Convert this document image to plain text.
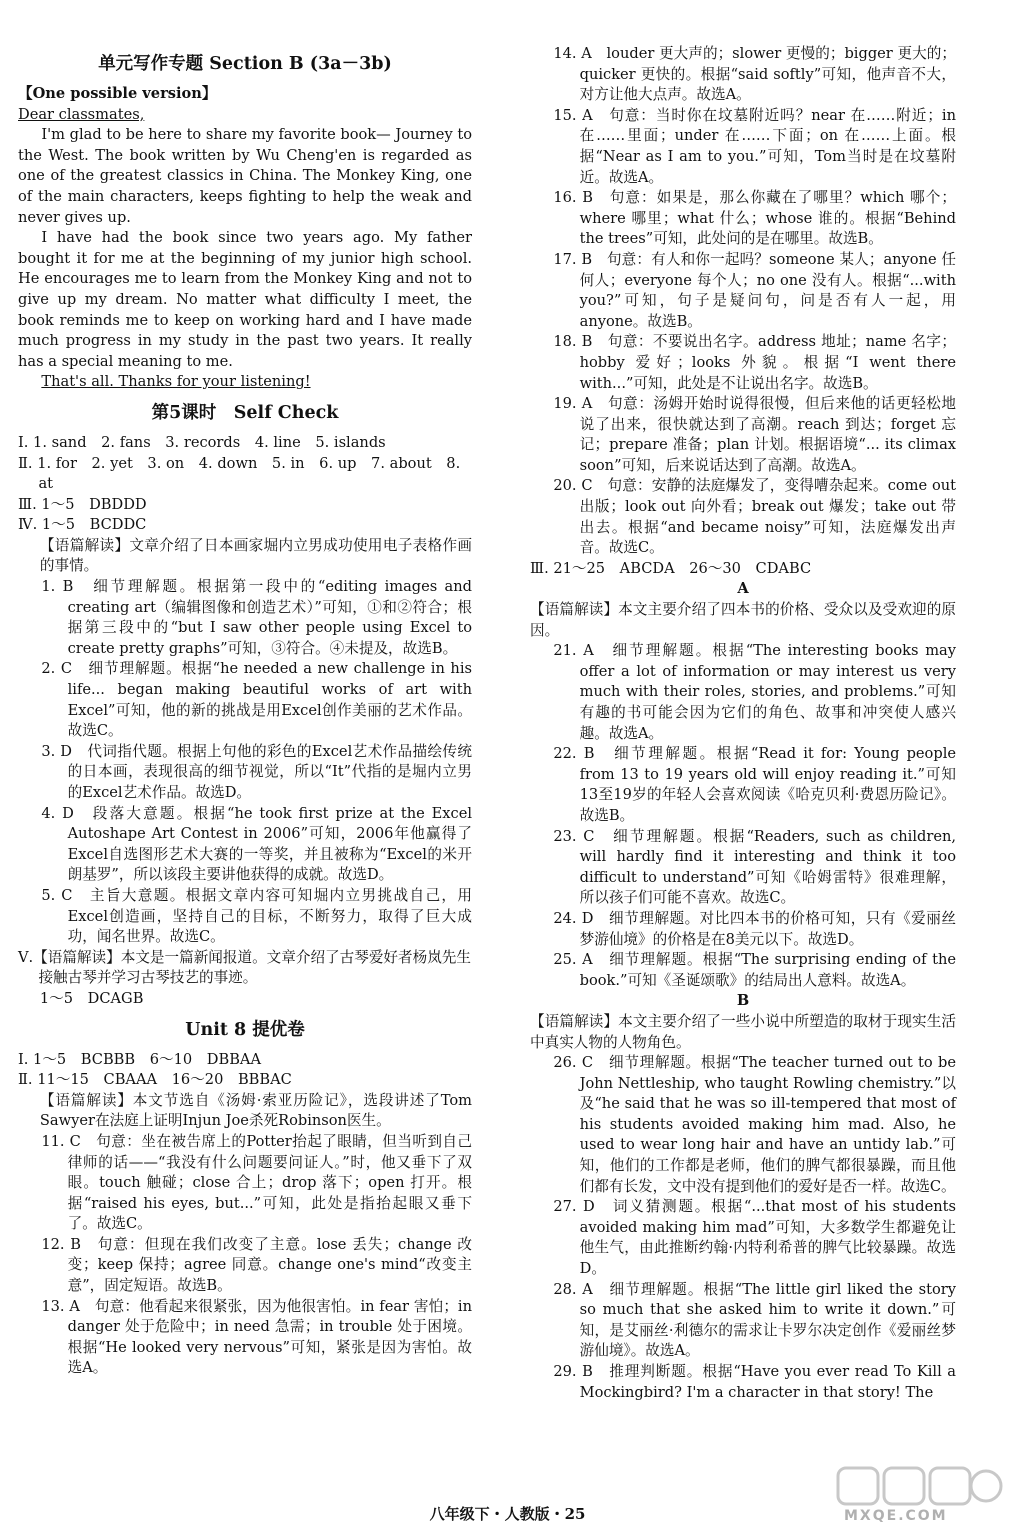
单元写作专题 Section B (3a－3b)
【One possible version】
Dear classmates,
I'm glad to be here to share my favorite book— Journey to the West. The book written by Wu Cheng'en is regarded as one of the greatest classics in China. The Monkey King, one of the main characters, keeps fighting to help the weak and never gives up.
I have had the book since two years ago. My father bought it for me at the beginning of my junior high school. He encourages me to learn from the Monkey King and not to give up my dream. No matter what difficulty I meet, the book reminds me to keep on working hard and I have made much progress in my study in the past two years. It really has a special meaning to me.
That's all. Thanks for your listening!
第5课时　Self Check
Ⅰ. 1. sand　2. fans　3. records　4. line　5. islands
Ⅱ. 1. for　2. yet　3. on　4. down　5. in　6. up　7. about　8. at
Ⅲ. 1～5　DBDDD
Ⅳ. 1～5　BCDDC
【语篇解读】文章介绍了日本画家堀内立男成功使用电子表格作画的事情。
1. B　细节理解题。根据第一段中的“editing images and creating art（编辑图像和创造艺术）”可知，①和②符合；根据第三段中的“but I saw other people using Excel to create pretty graphs”可知，③符合。④未提及，故选B。
2. C　细节理解题。根据“he needed a new challenge in his life... began making beautiful works of art with Excel”可知，他的新的挑战是用Excel创作美丽的艺术作品。故选C。
3. D　代词指代题。根据上句他的彩色的Excel艺术作品描绘传统的日本画，表现很高的细节视觉，所以“It”代指的是堀内立男的Excel艺术作品。故选D。
4. D　段落大意题。根据“he took first prize at the Excel Autoshape Art Contest in 2006”可知，2006年他赢得了Excel自选图形艺术大赛的一等奖，并且被称为“Excel的米开朗基罗”，所以该段主要讲他获得的成就。故选D。
5. C　主旨大意题。根据文章内容可知堀内立男挑战自己，用Excel创造画，坚持自己的目标，不断努力，取得了巨大成功，闻名世界。故选C。
Ⅴ.【语篇解读】本文是一篇新闻报道。文章介绍了古琴爱好者杨岚先生接触古琴并学习古琴技艺的事迹。
1～5　DCAGB
Unit 8 提优卷
Ⅰ. 1～5　BCBBB　6～10　DBBAA
Ⅱ. 11～15　CBAAA　16～20　BBBAC
【语篇解读】本文节选自《汤姆·索亚历险记》，选段讲述了Tom Sawyer在法庭上证明Injun Joe杀死Robinson医生。
11. C　句意：坐在被告席上的Potter抬起了眼睛，但当听到自己律师的话——“我没有什么问题要问证人。”时，他又垂下了双眼。touch 触碰；close 合上；drop 落下；open 打开。根据“raised his eyes, but...”可知，此处是指抬起眼又垂下了。故选C。
12. B　句意：但现在我们改变了主意。lose 丢失；change 改变；keep 保持；agree 同意。change one's mind“改变主意”，固定短语。故选B。
13. A　句意：他看起来很紧张，因为他很害怕。in fear 害怕；in danger 处于危险中；in need 急需；in trouble 处于困境。根据“He looked very nervous”可知，紧张是因为害怕。故选A。
14. A　louder 更大声的；slower 更慢的；bigger 更大的；quicker 更快的。根据“said softly”可知，他声音不大，对方让他大点声。故选A。
15. A　句意：当时你在坟墓附近吗？near 在……附近；in 在……里面；under 在……下面；on 在……上面。根据“Near as I am to you.”可知，Tom当时是在坟墓附近。故选A。
16. B　句意：如果是，那么你藏在了哪里？which 哪个；where 哪里；what 什么；whose 谁的。根据“Behind the trees”可知，此处问的是在哪里。故选B。
17. B　句意：有人和你一起吗？someone 某人；anyone 任何人；everyone 每个人；no one 没有人。根据“...with you?”可知，句子是疑问句，问是否有人一起，用anyone。故选B。
18. B　句意：不要说出名字。address 地址；name 名字；hobby 爱好；looks 外貌。根据“I went there with...”可知，此处是不让说出名字。故选B。
19. A　句意：汤姆开始时说得很慢，但后来他的话更轻松地说了出来，很快就达到了高潮。reach 到达；forget 忘记；prepare 准备；plan 计划。根据语境“... its climax soon”可知，后来说话达到了高潮。故选A。
20. C　句意：安静的法庭爆发了，变得嘈杂起来。come out 出版；look out 向外看；break out 爆发；take out 带出去。根据“and became noisy”可知，法庭爆发出声音。故选C。
Ⅲ. 21～25　ABCDA　26～30　CDABC
A
【语篇解读】本文主要介绍了四本书的价格、受众以及受欢迎的原因。
21. A　细节理解题。根据“The interesting books may offer a lot of information or may interest us very much with their roles, stories, and problems.”可知有趣的书可能会因为它们的角色、故事和冲突使人感兴趣。故选A。
22. B　细节理解题。根据“Read it for: Young people from 13 to 19 years old will enjoy reading it.”可知13至19岁的年轻人会喜欢阅读《哈克贝利·费恩历险记》。故选B。
23. C　细节理解题。根据“Readers, such as children, will hardly find it interesting and think it too difficult to understand”可知《哈姆雷特》很难理解，所以孩子们可能不喜欢。故选C。
24. D　细节理解题。对比四本书的价格可知，只有《爱丽丝梦游仙境》的价格是在8美元以下。故选D。
25. A　细节理解题。根据“The surprising ending of the book.”可知《圣诞颂歌》的结局出人意料。故选A。
B
【语篇解读】本文主要介绍了一些小说中所塑造的取材于现实生活中真实人物的人物角色。
26. C　细节理解题。根据“The teacher turned out to be John Nettleship, who taught Rowling chemistry.”以及“he said that he was so ill-tempered that most of his students avoided making him mad. Also, he used to wear long hair and have an untidy lab.”可知，他们的工作都是老师，他们的脾气都很暴躁，而且他们都有长发，文中没有提到他们的爱好是否一样。故选C。
27. D　词义猜测题。根据“...that most of his students avoided making him mad”可知，大多数学生都避免让他生气，由此推断约翰·内特利希普的脾气比较暴躁。故选D。
28. A　细节理解题。根据“The little girl liked the story so much that she asked him to write it down.”可知，是艾丽丝·利德尔的需求让卡罗尔决定创作《爱丽丝梦游仙境》。故选A。
29. B　推理判断题。根据“Have you ever read To Kill a Mockingbird? I'm a character in that story! The
八年级下・人教版・25	MXQE.COM
